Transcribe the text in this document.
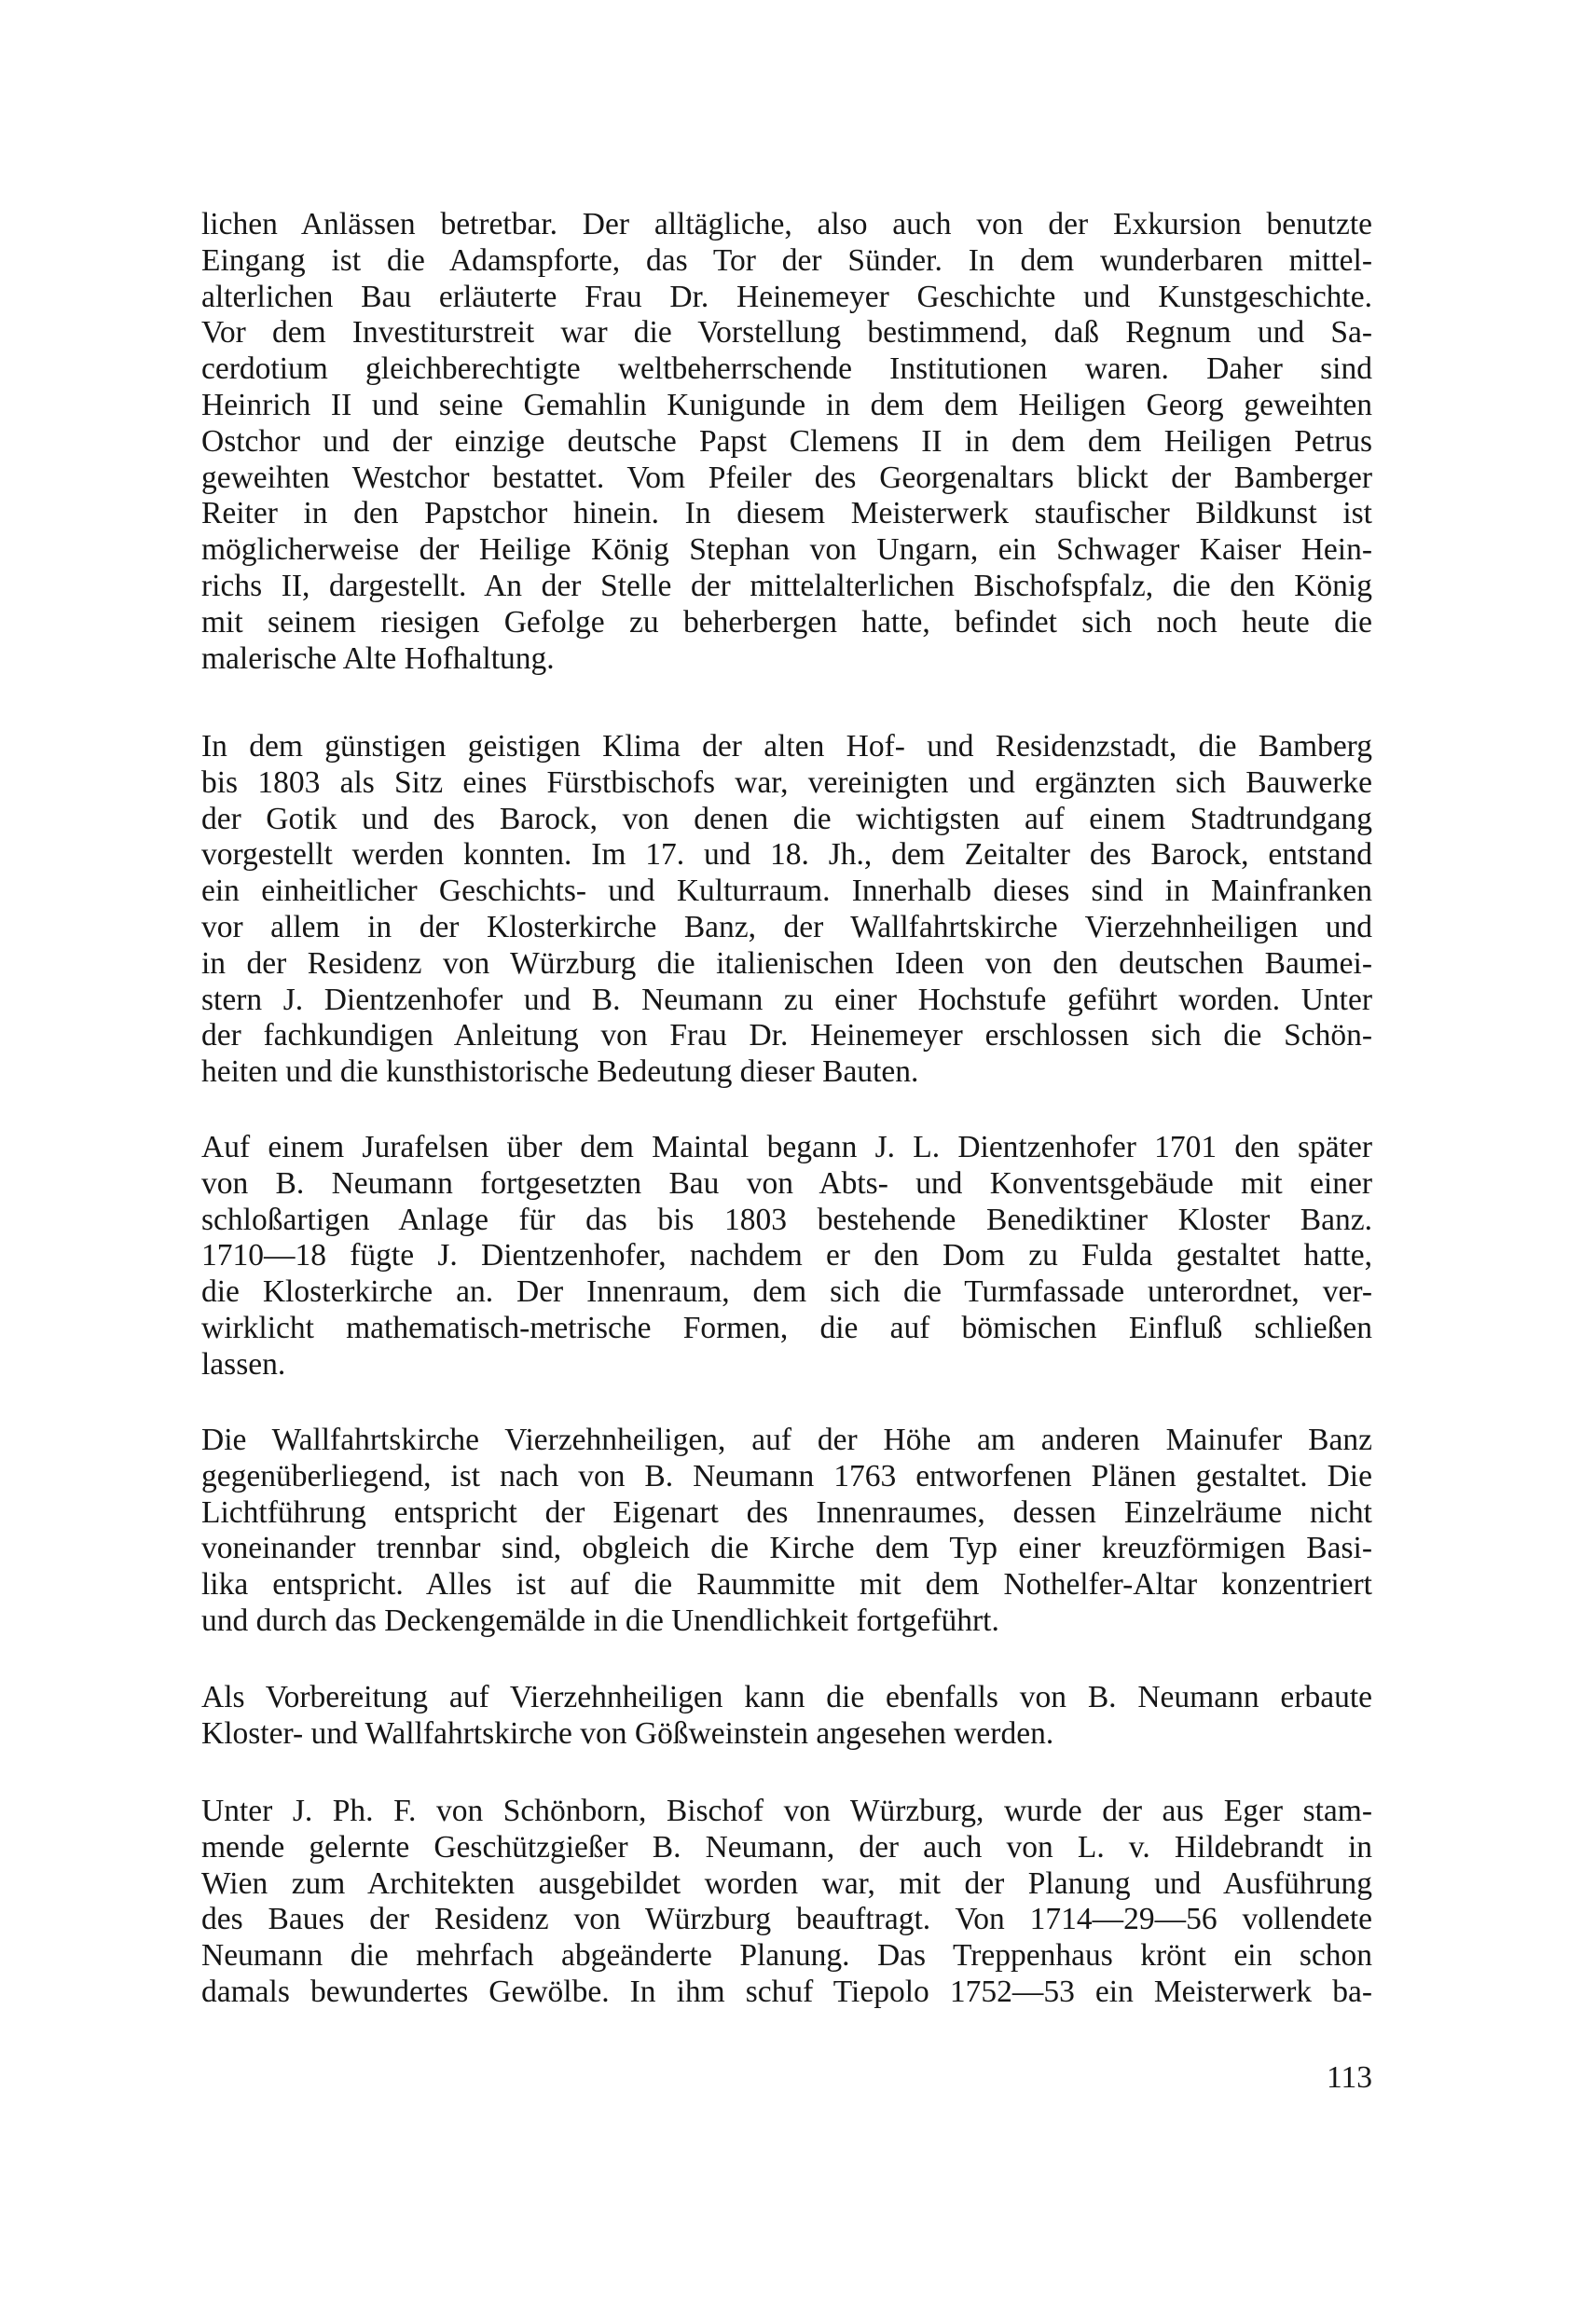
lichen Anlässen betretbar. Der alltägliche, also auch von der Exkursion benutzte
Eingang ist die Adamspforte, das Tor der Sünder. In dem wunderbaren mittel-
alterlichen Bau erläuterte Frau Dr. Heinemeyer Geschichte und Kunstgeschichte.
Vor dem Investiturstreit war die Vorstellung bestimmend, daß Regnum und Sa-
cerdotium gleichberechtigte weltbeherrschende Institutionen waren. Daher sind
Heinrich II und seine Gemahlin Kunigunde in dem dem Heiligen Georg geweihten
Ostchor und der einzige deutsche Papst Clemens II in dem dem Heiligen Petrus
geweihten Westchor bestattet. Vom Pfeiler des Georgenaltars blickt der Bamberger
Reiter in den Papstchor hinein. In diesem Meisterwerk staufischer Bildkunst ist
möglicherweise der Heilige König Stephan von Ungarn, ein Schwager Kaiser Hein-
richs II, dargestellt. An der Stelle der mittelalterlichen Bischofspfalz, die den König
mit seinem riesigen Gefolge zu beherbergen hatte, befindet sich noch heute die
malerische Alte Hofhaltung.
In dem günstigen geistigen Klima der alten Hof- und Residenzstadt, die Bamberg
bis 1803 als Sitz eines Fürstbischofs war, vereinigten und ergänzten sich Bauwerke
der Gotik und des Barock, von denen die wichtigsten auf einem Stadtrundgang
vorgestellt werden konnten. Im 17. und 18. Jh., dem Zeitalter des Barock, entstand
ein einheitlicher Geschichts- und Kulturraum. Innerhalb dieses sind in Mainfranken
vor allem in der Klosterkirche Banz, der Wallfahrtskirche Vierzehnheiligen und
in der Residenz von Würzburg die italienischen Ideen von den deutschen Baumei-
stern J. Dientzenhofer und B. Neumann zu einer Hochstufe geführt worden. Unter
der fachkundigen Anleitung von Frau Dr. Heinemeyer erschlossen sich die Schön-
heiten und die kunsthistorische Bedeutung dieser Bauten.
Auf einem Jurafelsen über dem Maintal begann J. L. Dientzenhofer 1701 den später
von B. Neumann fortgesetzten Bau von Abts- und Konventsgebäude mit einer
schloßartigen Anlage für das bis 1803 bestehende Benediktiner Kloster Banz.
1710—18 fügte J. Dientzenhofer, nachdem er den Dom zu Fulda gestaltet hatte,
die Klosterkirche an. Der Innenraum, dem sich die Turmfassade unterordnet, ver-
wirklicht mathematisch-metrische Formen, die auf bömischen Einfluß schließen
lassen.
Die Wallfahrtskirche Vierzehnheiligen, auf der Höhe am anderen Mainufer Banz
gegenüberliegend, ist nach von B. Neumann 1763 entworfenen Plänen gestaltet. Die
Lichtführung entspricht der Eigenart des Innenraumes, dessen Einzelräume nicht
voneinander trennbar sind, obgleich die Kirche dem Typ einer kreuzförmigen Basi-
lika entspricht. Alles ist auf die Raummitte mit dem Nothelfer-Altar konzentriert
und durch das Deckengemälde in die Unendlichkeit fortgeführt.
Als Vorbereitung auf Vierzehnheiligen kann die ebenfalls von B. Neumann erbaute
Kloster- und Wallfahrtskirche von Gößweinstein angesehen werden.
Unter J. Ph. F. von Schönborn, Bischof von Würzburg, wurde der aus Eger stam-
mende gelernte Geschützgießer B. Neumann, der auch von L. v. Hildebrandt in
Wien zum Architekten ausgebildet worden war, mit der Planung und Ausführung
des Baues der Residenz von Würzburg beauftragt. Von 1714—29—56 vollendete
Neumann die mehrfach abgeänderte Planung. Das Treppenhaus krönt ein schon
damals bewundertes Gewölbe. In ihm schuf Tiepolo 1752—53 ein Meisterwerk ba-
113
